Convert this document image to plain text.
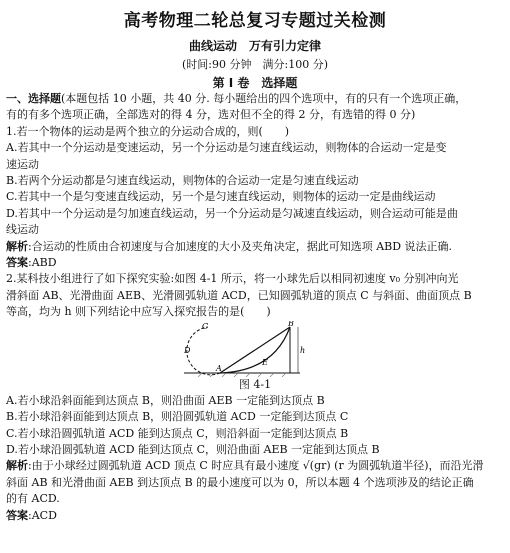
高考物理二轮总复习专题过关检测
曲线运动　万有引力定律
(时间:90 分钟　满分:100 分)
第 I 卷　选择题

一、选择题(本题包括 10 小题，共 40 分. 每小题给出的四个选项中，有的只有一个选项正确，

有的有多个选项正确，全部选对的得 4 分，选对但不全的得 2 分，有选错的得 0 分)

1.若一个物体的运动是两个独立的分运动合成的，则(　　)

A.若其中一个分运动是变速运动，另一个分运动是匀速直线运动，则物体的合运动一定是变

速运动

B.若两个分运动都是匀速直线运动，则物体的合运动一定是匀速直线运动

C.若其中一个是匀变速直线运动，另一个是匀速直线运动，则物体的运动一定是曲线运动

D.若其中一个分运动是匀加速直线运动，另一个分运动是匀减速直线运动，则合运动可能是曲

线运动

解析:合运动的性质由合初速度与合加速度的大小及夹角决定，据此可知选项 ABD 说法正确.

答案:ABD

2.某科技小组进行了如下探究实验:如图 4-1 所示，将一小球先后以相同初速度 v₀ 分别冲向光

滑斜面 AB、光滑曲面 AEB、光滑圆弧轨道 ACD，已知圆弧轨道的顶点 C 与斜面、曲面顶点 B

等高，均为 h 则下列结论中应写入探究报告的是(　　)

h
C	B
D
E
A
图 4-1

A.若小球沿斜面能到达顶点 B，则沿曲面 AEB 一定能到达顶点 B

B.若小球沿斜面能到达顶点 B，则沿圆弧轨道 ACD 一定能到达顶点 C

C.若小球沿圆弧轨道 ACD 能到达顶点 C，则沿斜面一定能到达顶点 B

D.若小球沿圆弧轨道 ACD 能到达顶点 C，则沿曲面 AEB 一定能到达顶点 B

解析:由于小球经过圆弧轨道 ACD 顶点 C 时应具有最小速度 √(gr) (r 为圆弧轨道半径)，而沿光滑

斜面 AB 和光滑曲面 AEB 到达顶点 B 的最小速度可以为 0，所以本题 4 个选项涉及的结论正确

的有 ACD.

答案:ACD
